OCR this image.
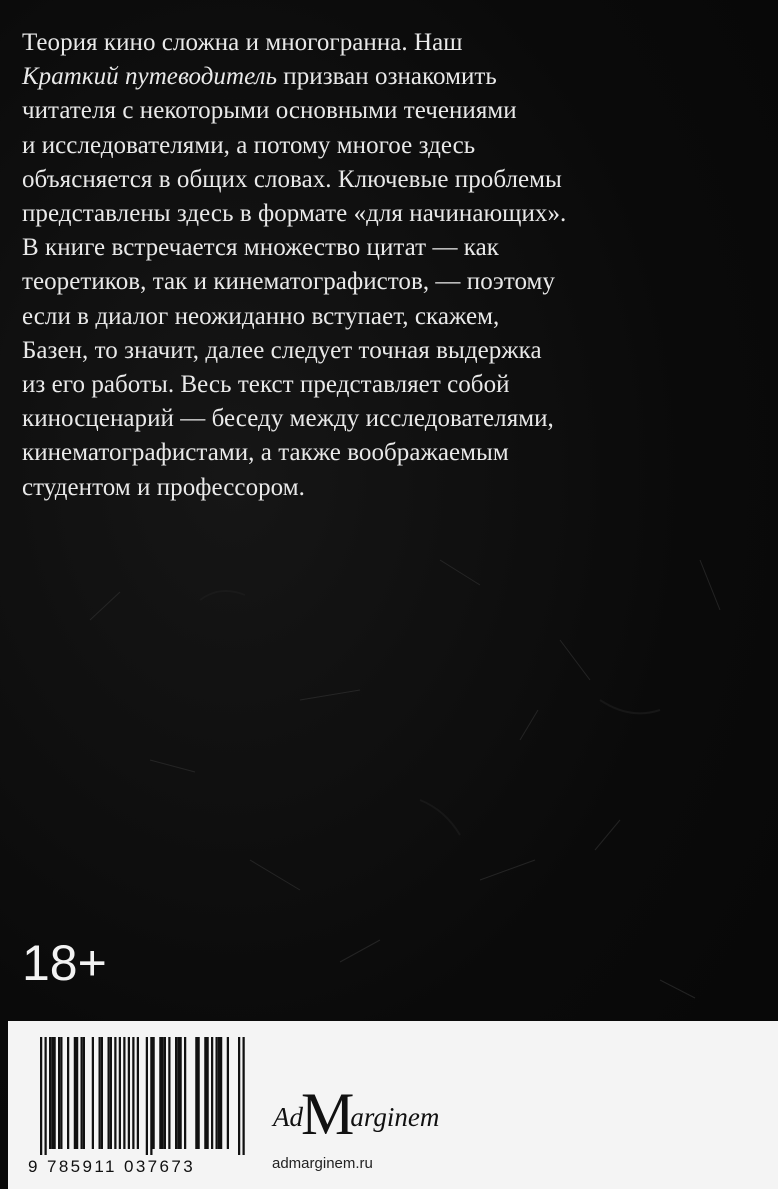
Теория кино сложна и многогранна. Наш
Краткий путеводитель призван ознакомить
читателя с некоторыми основными течениями
и исследователями, а потому многое здесь
объясняется в общих словах. Ключевые проблемы
представлены здесь в формате «для начинающих».
В книге встречается множество цитат — как
теоретиков, так и кинематографистов, — поэтому
если в диалог неожиданно вступает, скажем,
Базен, то значит, далее следует точная выдержка
из его работы. Весь текст представляет собой
киносценарий — беседу между исследователями,
кинематографистами, а также воображаемым
студентом и профессором.
18+
9 785911 037673
AdMarginem
admarginem.ru
